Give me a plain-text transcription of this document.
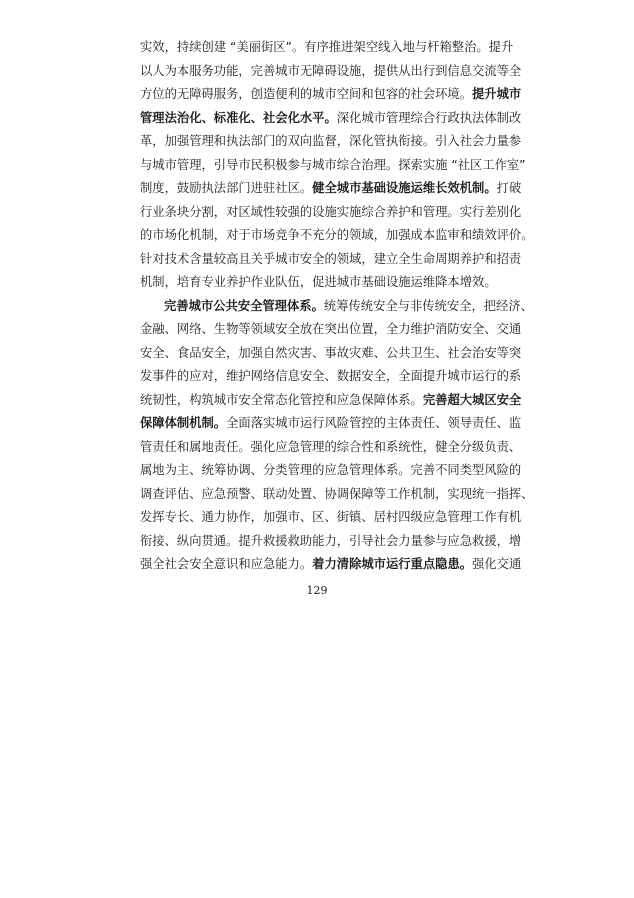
实效，持续创建 “美丽街区”。有序推进架空线入地与杆箱整治。提升
以人为本服务功能，完善城市无障碍设施，提供从出行到信息交流等全
方位的无障碍服务，创造便利的城市空间和包容的社会环境。提升城市
管理法治化、标准化、社会化水平。深化城市管理综合行政执法体制改
革，加强管理和执法部门的双向监督，深化管执衔接。引入社会力量参
与城市管理，引导市民积极参与城市综合治理。探索实施 “社区工作室”
制度，鼓励执法部门进驻社区。健全城市基础设施运维长效机制。打破
行业条块分割，对区域性较强的设施实施综合养护和管理。实行差别化
的市场化机制，对于市场竞争不充分的领域，加强成本监审和绩效评价。
针对技术含量较高且关乎城市安全的领域，建立全生命周期养护和招责
机制，培育专业养护作业队伍，促进城市基础设施运维降本增效。
完善城市公共安全管理体系。统筹传统安全与非传统安全，把经济、
金融、网络、生物等领域安全放在突出位置，全力维护消防安全、交通
安全、食品安全，加强自然灾害、事故灾难、公共卫生、社会治安等突
发事件的应对，维护网络信息安全、数据安全，全面提升城市运行的系
统韧性，构筑城市安全常态化管控和应急保障体系。完善超大城区安全
保障体制机制。全面落实城市运行风险管控的主体责任、领导责任、监
管责任和属地责任。强化应急管理的综合性和系统性，健全分级负责、
属地为主、统筹协调、分类管理的应急管理体系。完善不同类型风险的
调查评估、应急预警、联动处置、协调保障等工作机制，实现统一指挥、
发挥专长、通力协作，加强市、区、街镇、居村四级应急管理工作有机
衔接、纵向贯通。提升救援救助能力，引导社会力量参与应急救援，增
强全社会安全意识和应急能力。着力清除城市运行重点隐患。强化交通
129
